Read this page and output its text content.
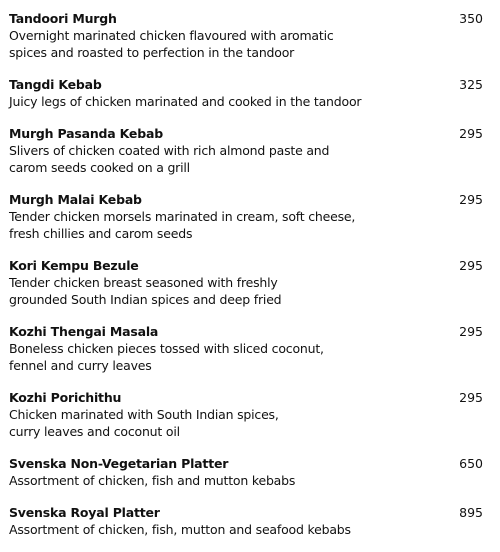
Tandoori Murgh
Overnight marinated chicken flavoured with aromatic
spices and roasted to perfection in the tandoor
350
Tangdi Kebab
Juicy legs of chicken marinated and cooked in the tandoor
325
Murgh Pasanda Kebab
Slivers of chicken coated with rich almond paste and
carom seeds cooked on a grill
295
Murgh Malai Kebab
Tender chicken morsels marinated in cream, soft cheese,
fresh chillies and carom seeds
295
Kori Kempu Bezule
Tender chicken breast seasoned with freshly
grounded South Indian spices and deep fried
295
Kozhi Thengai Masala
Boneless chicken pieces tossed with sliced coconut,
fennel and curry leaves
295
Kozhi Porichithu
Chicken marinated with South Indian spices,
curry leaves and coconut oil
295
Svenska Non-Vegetarian Platter
Assortment of chicken, fish and mutton kebabs
650
Svenska Royal Platter
Assortment of chicken, fish, mutton and seafood kebabs
895
